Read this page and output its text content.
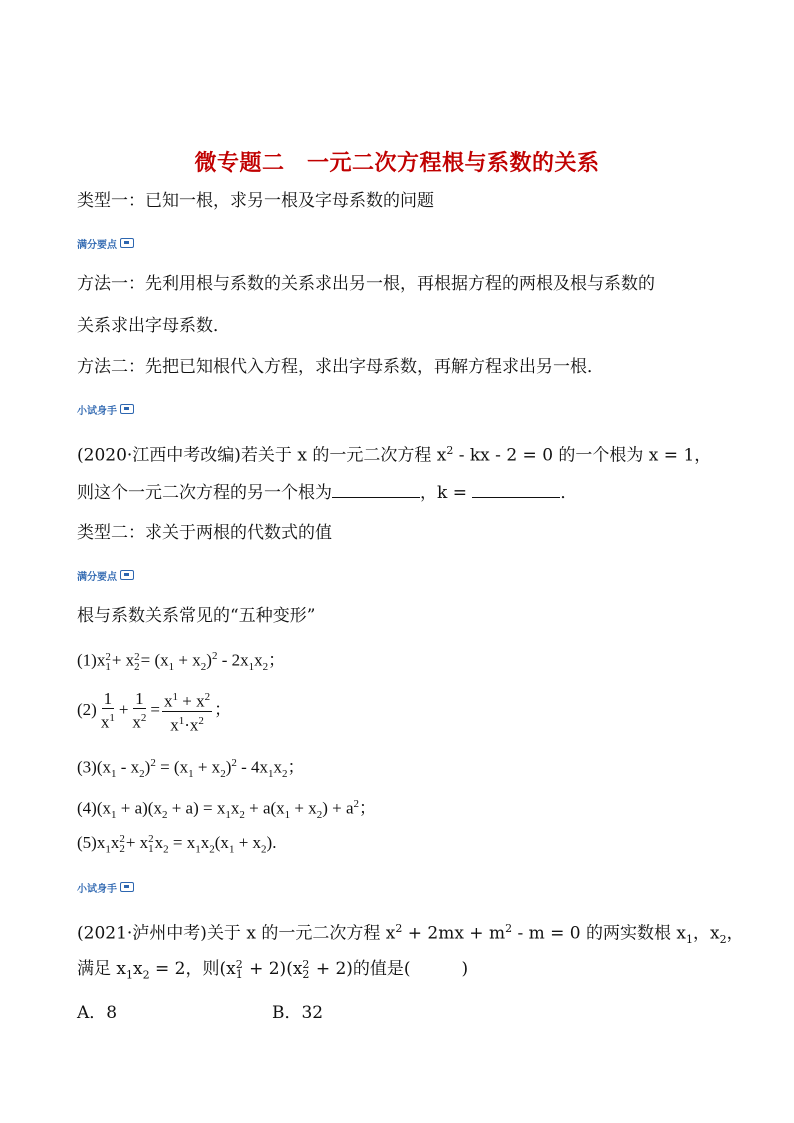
微专题二　一元二次方程根与系数的关系
类型一：已知一根，求另一根及字母系数的问题
满分要点
方法一：先利用根与系数的关系求出另一根，再根据方程的两根及根与系数的
关系求出字母系数．
方法二：先把已知根代入方程，求出字母系数，再解方程求出另一根．
小试身手
(2020·江西中考改编)若关于 x 的一元二次方程 $x^2$ - kx - 2 = 0 的一个根为 x = 1，
则这个一元二次方程的另一个根为	，k =	．
类型二：求关于两根的代数式的值
满分要点
根与系数关系常见的“五种变形”
(1)x 2
1 + x 2
$2 = (x_1 + x_2)^2 - 2x_1x_2$；
$(2) \frac{1}{x^1} + \frac{1}{x^2} = \frac{x^1 + x^2}{x^1\cdot x^2}$ ；
$(3)(x_1 - x_2)^2 = (x_1 + x_2)^2 - 4x_1x_2$；
$(4)(x_1 + a)(x_2 + a) = x_1x_2 + a(x_1 + x_2) + a^2$；
$(5)x_1x$ 2
2 + x 2
1 $x_2 = x_1x_2(x_1 + x_2)$.
小试身手
(2021·泸州中考)关于 x 的一元二次方程 $x^2 + 2mx + m^2 - m = 0$ 的两实数根 $x_1$，$x_2$，
满足 $x_1x_2 = 2$，则(x 2
1 + 2)(x 2
2 + 2)的值是(　　　)
A．8	B．32
